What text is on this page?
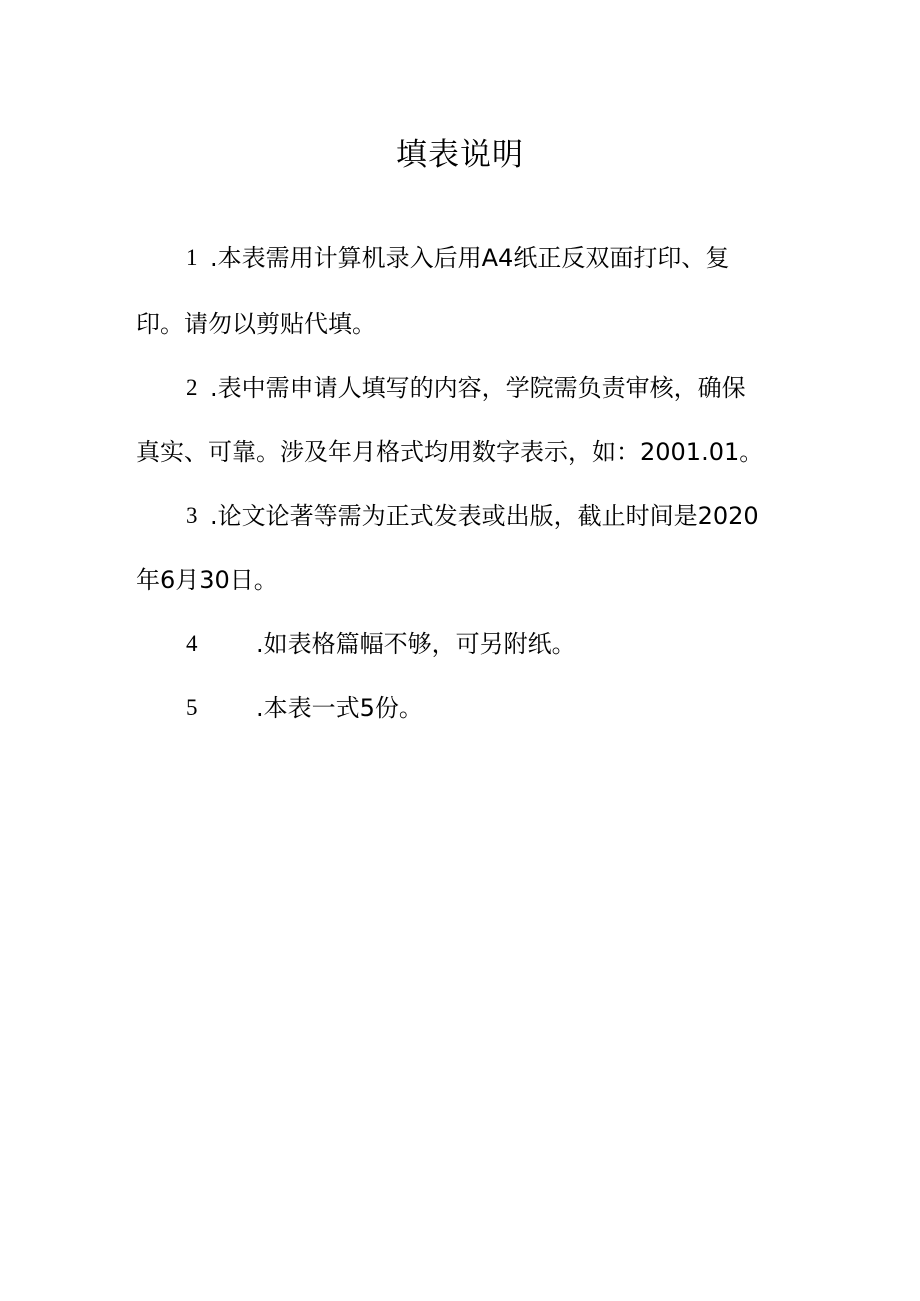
填表说明
1 .本表需用计算机录入后用A4纸正反双面打印、复
印。请勿以剪贴代填。
2 .表中需申请人填写的内容，学院需负责审核，确保
真实、可靠。涉及年月格式均用数字表示，如：2001.01。
3 .论文论著等需为正式发表或出版，截止时间是2020
年6月30日。
4 .如表格篇幅不够，可另附纸。
5 .本表一式5份。
